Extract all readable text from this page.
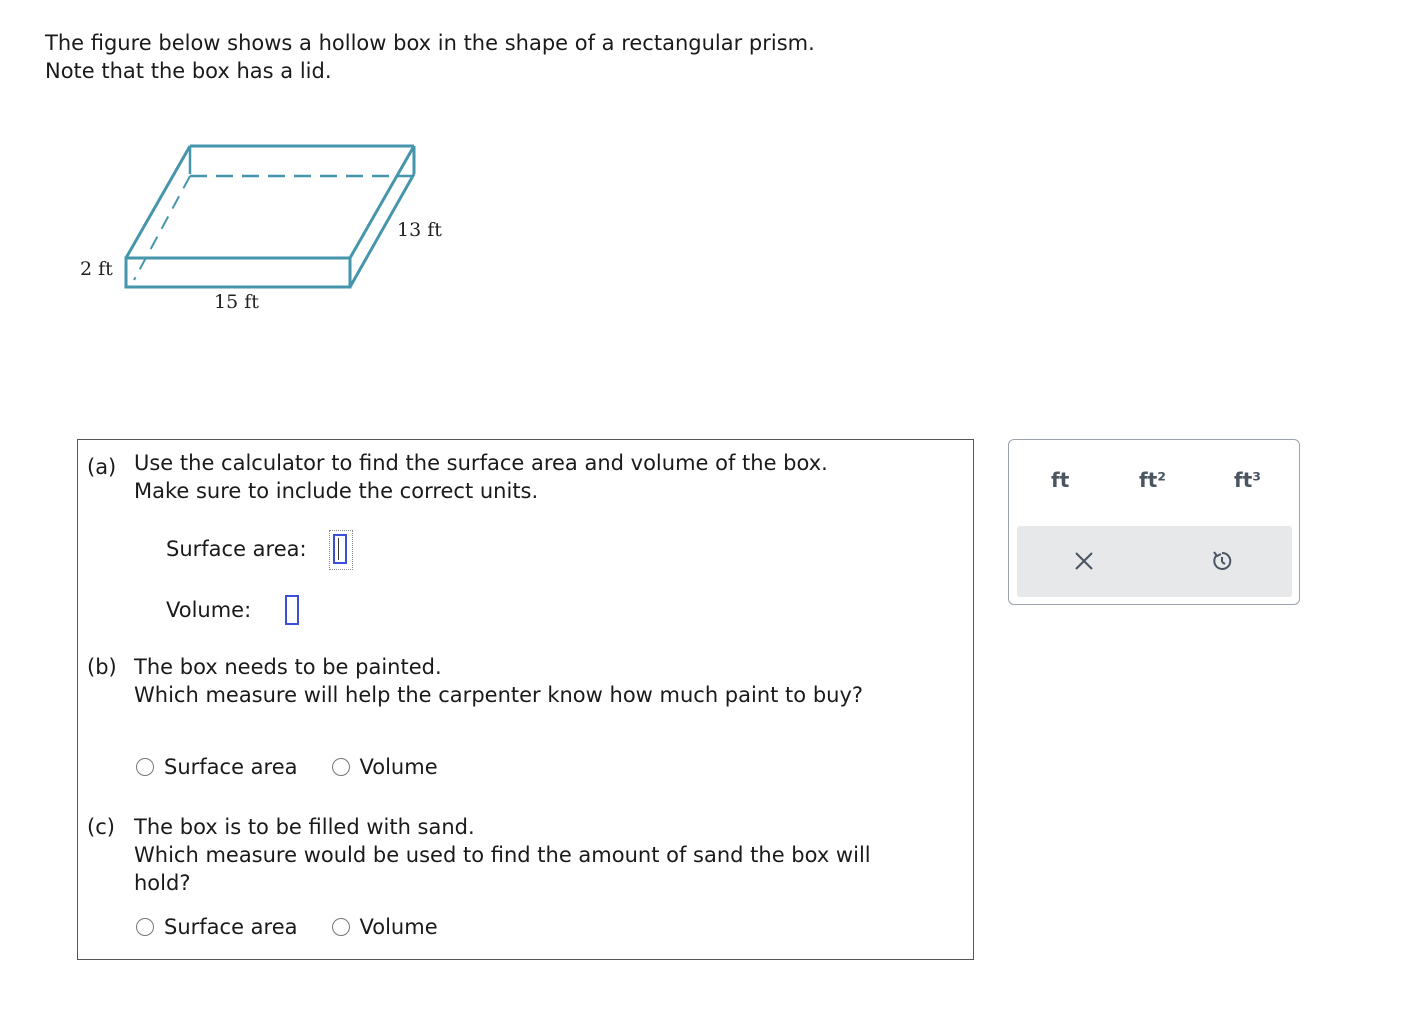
The figure below shows a hollow box in the shape of a rectangular prism.
Note that the box has a lid.
2 ft
15 ft
13 ft
(a) Use the calculator to find the surface area and volume of the box.
Make sure to include the correct units.
Surface area:
Volume:
(b) The box needs to be painted.
Which measure will help the carpenter know how much paint to buy?
Surface area	Volume
(c) The box is to be filled with sand.
Which measure would be used to find the amount of sand the box will
hold?
Surface area	Volume
ft	ft²	ft³
